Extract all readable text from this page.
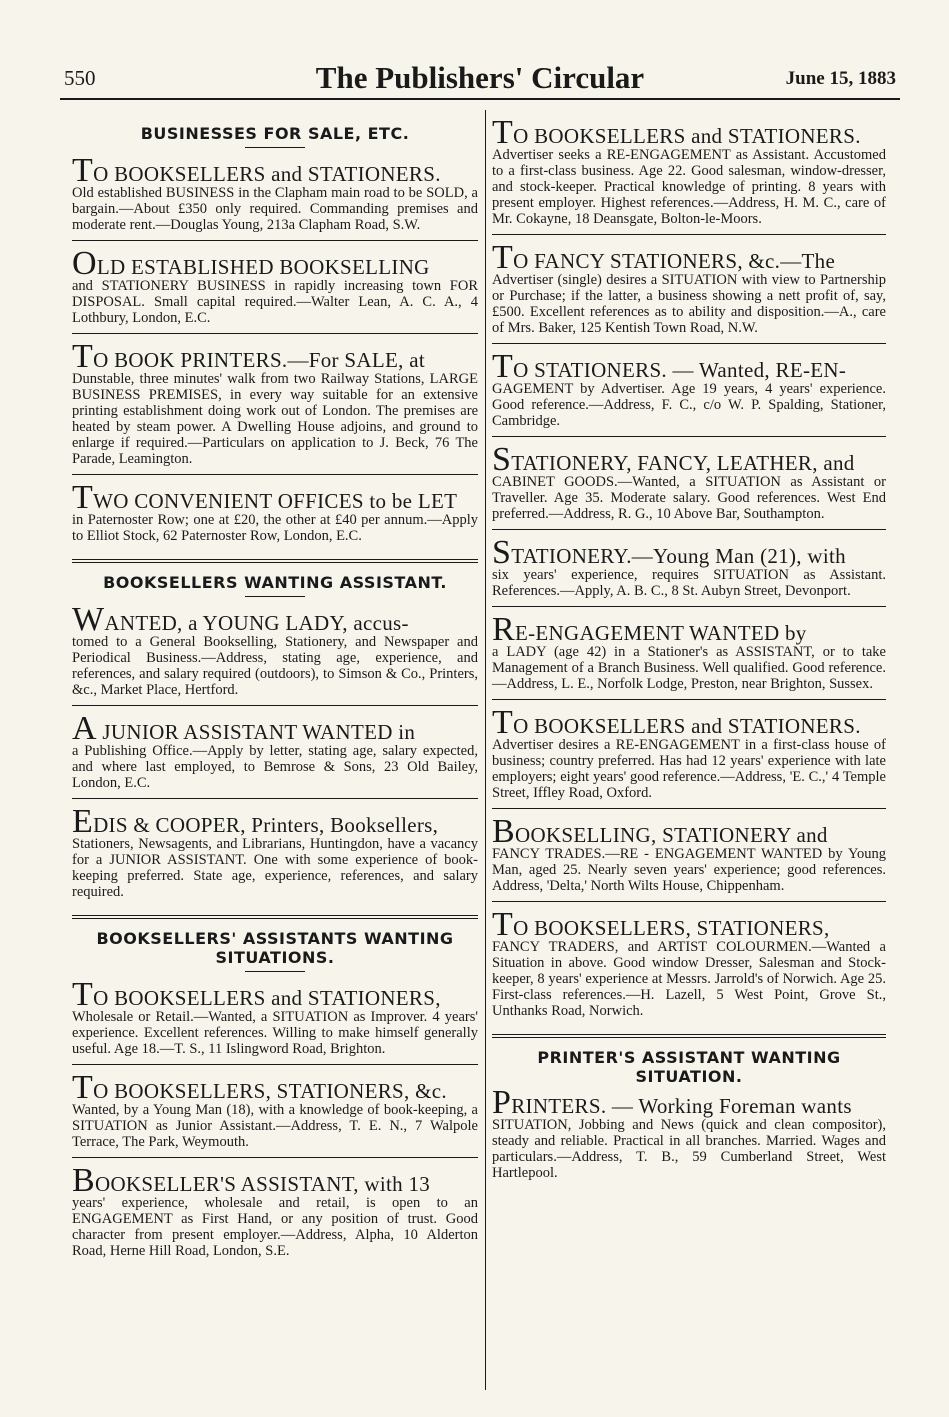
550	The Publishers' Circular	June 15, 1883
BUSINESSES FOR SALE, ETC.
TO BOOKSELLERS and STATIONERS.
Old established BUSINESS in the Clapham main road to be SOLD, a bargain.—About £350 only required. Commanding premises and moderate rent.—Douglas Young, 213a Clapham Road, S.W.
OLD ESTABLISHED BOOKSELLING
and STATIONERY BUSINESS in rapidly increasing town FOR DISPOSAL. Small capital required.—Walter Lean, A. C. A., 4 Lothbury, London, E.C.
TO BOOK PRINTERS.—For SALE, at
Dunstable, three minutes' walk from two Railway Stations, LARGE BUSINESS PREMISES, in every way suitable for an extensive printing establishment doing work out of London. The premises are heated by steam power. A Dwelling House adjoins, and ground to enlarge if required.—Particulars on application to J. Beck, 76 The Parade, Leamington.
TWO CONVENIENT OFFICES to be LET
in Paternoster Row; one at £20, the other at £40 per annum.—Apply to Elliot Stock, 62 Paternoster Row, London, E.C.
BOOKSELLERS WANTING ASSISTANT.
WANTED, a YOUNG LADY, accus-
tomed to a General Bookselling, Stationery, and Newspaper and Periodical Business.—Address, stating age, experience, and references, and salary required (outdoors), to Simson & Co., Printers, &c., Market Place, Hertford.
A JUNIOR ASSISTANT WANTED in
a Publishing Office.—Apply by letter, stating age, salary expected, and where last employed, to Bemrose & Sons, 23 Old Bailey, London, E.C.
EDIS & COOPER, Printers, Booksellers,
Stationers, Newsagents, and Librarians, Huntingdon, have a vacancy for a JUNIOR ASSISTANT. One with some experience of book-keeping preferred. State age, experience, references, and salary required.
BOOKSELLERS' ASSISTANTS WANTING SITUATIONS.
TO BOOKSELLERS and STATIONERS,
Wholesale or Retail.—Wanted, a SITUATION as Improver. 4 years' experience. Excellent references. Willing to make himself generally useful. Age 18.—T. S., 11 Islingword Road, Brighton.
TO BOOKSELLERS, STATIONERS, &c.
Wanted, by a Young Man (18), with a knowledge of book-keeping, a SITUATION as Junior Assistant.—Address, T. E. N., 7 Walpole Terrace, The Park, Weymouth.
BOOKSELLER'S ASSISTANT, with 13
years' experience, wholesale and retail, is open to an ENGAGEMENT as First Hand, or any position of trust. Good character from present employer.—Address, Alpha, 10 Alderton Road, Herne Hill Road, London, S.E.
TO BOOKSELLERS and STATIONERS.
Advertiser seeks a RE-ENGAGEMENT as Assistant. Accustomed to a first-class business. Age 22. Good salesman, window-dresser, and stock-keeper. Practical knowledge of printing. 8 years with present employer. Highest references.—Address, H. M. C., care of Mr. Cokayne, 18 Deansgate, Bolton-le-Moors.
TO FANCY STATIONERS, &c.—The
Advertiser (single) desires a SITUATION with view to Partnership or Purchase; if the latter, a business showing a nett profit of, say, £500. Excellent references as to ability and disposition.—A., care of Mrs. Baker, 125 Kentish Town Road, N.W.
TO STATIONERS. — Wanted, RE-EN-
GAGEMENT by Advertiser. Age 19 years, 4 years' experience. Good reference.—Address, F. C., c/o W. P. Spalding, Stationer, Cambridge.
STATIONERY, FANCY, LEATHER, and
CABINET GOODS.—Wanted, a SITUATION as Assistant or Traveller. Age 35. Moderate salary. Good references. West End preferred.—Address, R. G., 10 Above Bar, Southampton.
STATIONERY.—Young Man (21), with
six years' experience, requires SITUATION as Assistant. References.—Apply, A. B. C., 8 St. Aubyn Street, Devonport.
RE-ENGAGEMENT WANTED by
a LADY (age 42) in a Stationer's as ASSISTANT, or to take Management of a Branch Business. Well qualified. Good reference.—Address, L. E., Norfolk Lodge, Preston, near Brighton, Sussex.
TO BOOKSELLERS and STATIONERS.
Advertiser desires a RE-ENGAGEMENT in a first-class house of business; country preferred. Has had 12 years' experience with late employers; eight years' good reference.—Address, 'E. C.,' 4 Temple Street, Iffley Road, Oxford.
BOOKSELLING, STATIONERY and
FANCY TRADES.—RE - ENGAGEMENT WANTED by Young Man, aged 25. Nearly seven years' experience; good references. Address, 'Delta,' North Wilts House, Chippenham.
TO BOOKSELLERS, STATIONERS,
FANCY TRADERS, and ARTIST COLOURMEN.—Wanted a Situation in above. Good window Dresser, Salesman and Stock-keeper, 8 years' experience at Messrs. Jarrold's of Norwich. Age 25. First-class references.—H. Lazell, 5 West Point, Grove St., Unthanks Road, Norwich.
PRINTER'S ASSISTANT WANTING SITUATION.
PRINTERS. — Working Foreman wants
SITUATION, Jobbing and News (quick and clean compositor), steady and reliable. Practical in all branches. Married. Wages and particulars.—Address, T. B., 59 Cumberland Street, West Hartlepool.
